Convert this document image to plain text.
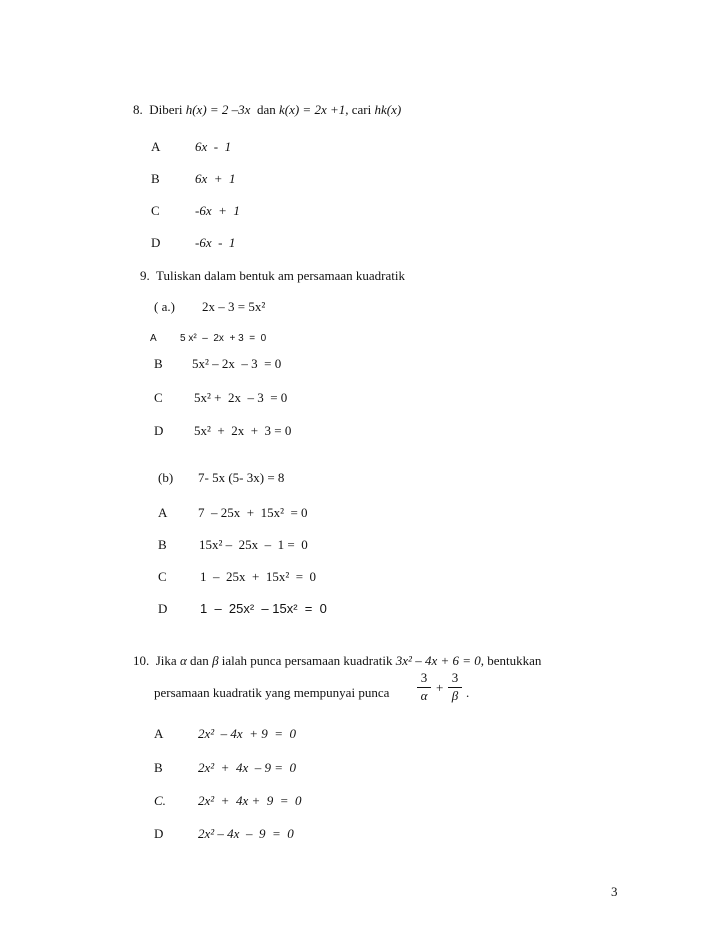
8. Diberi h(x) = 2 –3x  dan k(x) = 2x +1, cari hk(x)
A	6x  -  1
B	6x  +  1
C	-6x  +  1
D	-6x  -  1
9. Tuliskan dalam bentuk am persamaan kuadratik
( a.) 2x – 3 = 5x²
A 5 x²  –  2x  + 3  =  0
B 5x² – 2x  – 3  = 0
C 5x² +  2x  – 3  = 0
D 5x²  +  2x  +  3 = 0
(b) 7- 5x (5- 3x) = 8
A 7  – 25x  +  15x²  = 0
B 15x² –  25x  –  1 =  0
C	1  –  25x  +  15x²  =  0
D	1  –  25x²  – 15x²  =  0
10. Jika α dan β ialah punca persamaan kuadratik 3x² – 4x + 6 = 0, bentukkan
persamaan kuadratik yang mempunyai punca
3
α
+
3
β .
A	2x²  – 4x  + 9  =  0
B	2x²  +  4x  – 9 =  0
C. 2x²  +  4x +  9  =  0
D	2x² – 4x  –  9  =  0
3
